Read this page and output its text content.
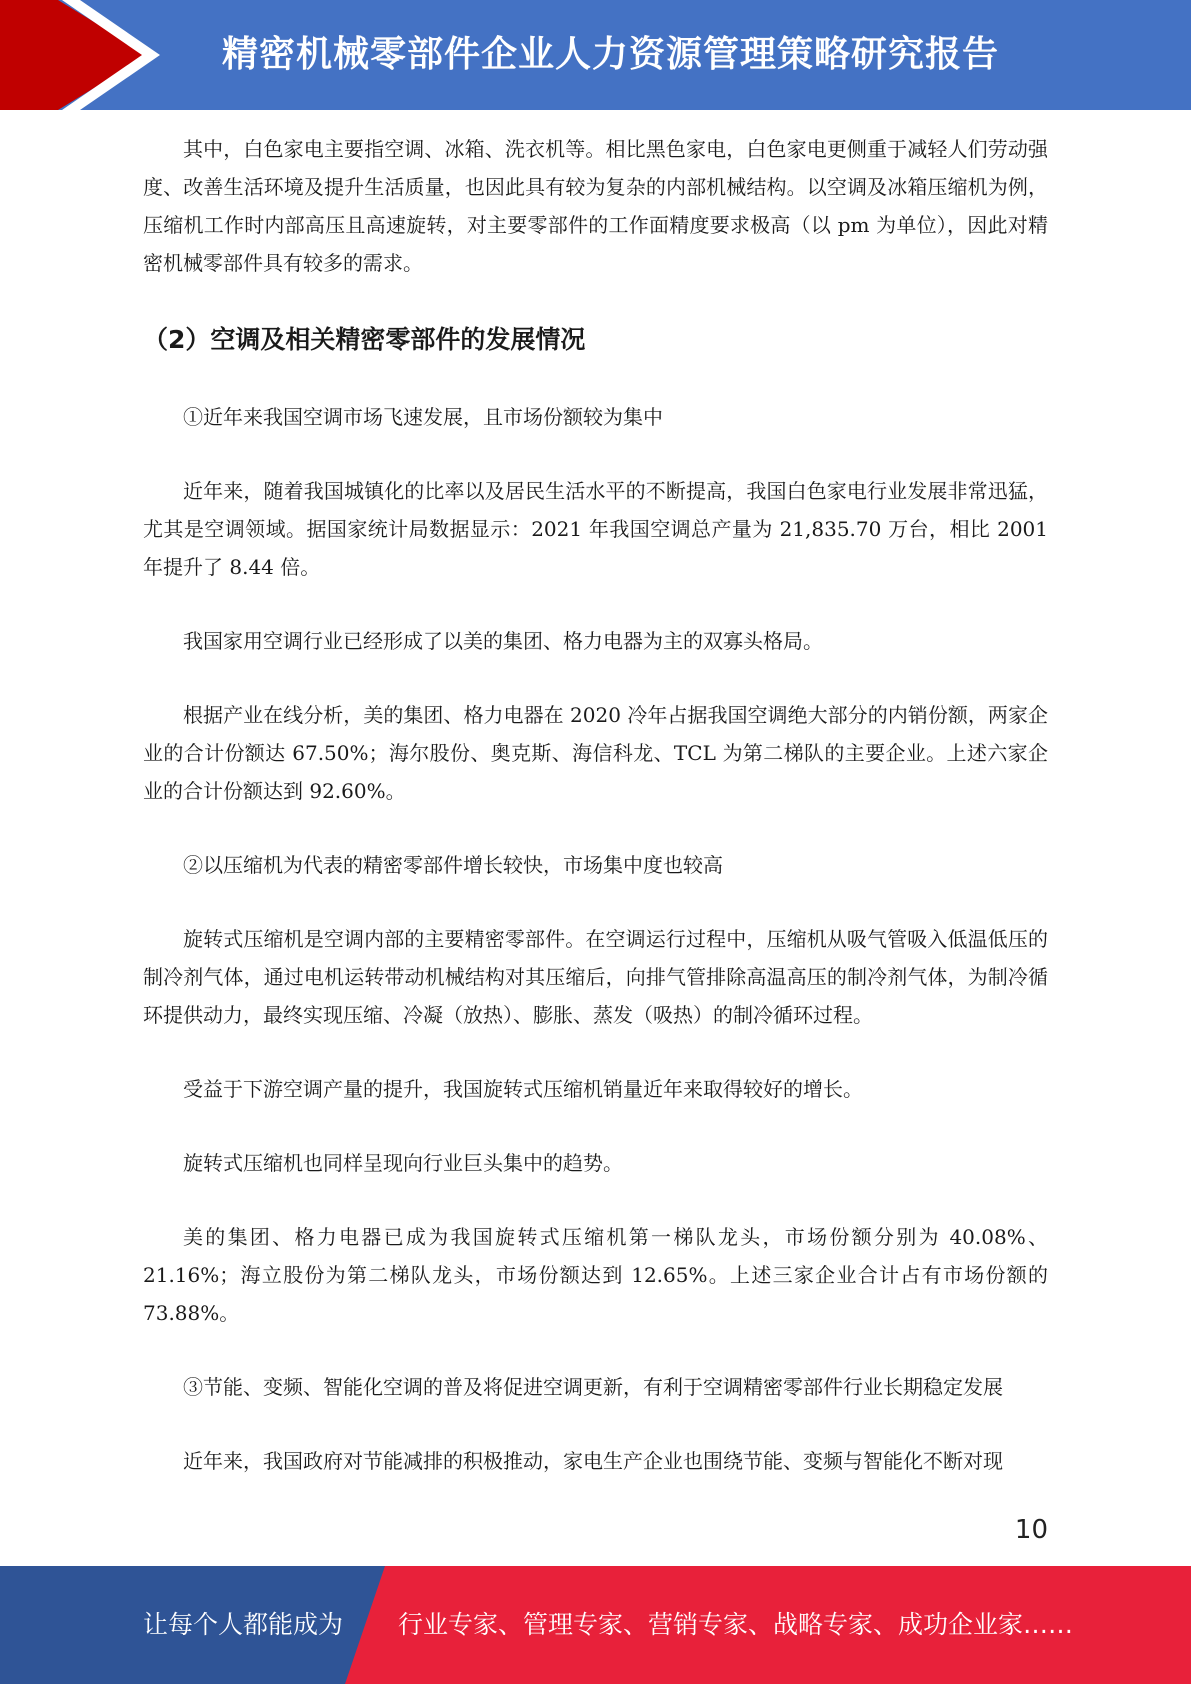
精密机械零部件企业人力资源管理策略研究报告

其中，白色家电主要指空调、冰箱、洗衣机等。相比黑色家电，白色家电更侧重于减轻人们劳动强度、改善生活环境及提升生活质量，也因此具有较为复杂的内部机械结构。以空调及冰箱压缩机为例，压缩机工作时内部高压且高速旋转，对主要零部件的工作面精度要求极高（以 pm 为单位），因此对精密机械零部件具有较多的需求。

（2）空调及相关精密零部件的发展情况

①近年来我国空调市场飞速发展，且市场份额较为集中

近年来，随着我国城镇化的比率以及居民生活水平的不断提高，我国白色家电行业发展非常迅猛，尤其是空调领域。据国家统计局数据显示：2021 年我国空调总产量为 21,835.70 万台，相比 2001 年提升了 8.44 倍。

我国家用空调行业已经形成了以美的集团、格力电器为主的双寡头格局。

根据产业在线分析，美的集团、格力电器在 2020 冷年占据我国空调绝大部分的内销份额，两家企业的合计份额达 67.50%；海尔股份、奥克斯、海信科龙、TCL 为第二梯队的主要企业。上述六家企业的合计份额达到 92.60%。

②以压缩机为代表的精密零部件增长较快，市场集中度也较高

旋转式压缩机是空调内部的主要精密零部件。在空调运行过程中，压缩机从吸气管吸入低温低压的制冷剂气体，通过电机运转带动机械结构对其压缩后，向排气管排除高温高压的制冷剂气体，为制冷循环提供动力，最终实现压缩、冷凝（放热）、膨胀、蒸发（吸热）的制冷循环过程。

受益于下游空调产量的提升，我国旋转式压缩机销量近年来取得较好的增长。

旋转式压缩机也同样呈现向行业巨头集中的趋势。

美的集团、格力电器已成为我国旋转式压缩机第一梯队龙头，市场份额分别为 40.08%、21.16%；海立股份为第二梯队龙头，市场份额达到 12.65%。上述三家企业合计占有市场份额的 73.88%。

③节能、变频、智能化空调的普及将促进空调更新，有利于空调精密零部件行业长期稳定发展

近年来，我国政府对节能减排的积极推动，家电生产企业也围绕节能、变频与智能化不断对现

10
让每个人都能成为 行业专家、管理专家、营销专家、战略专家、成功企业家……
